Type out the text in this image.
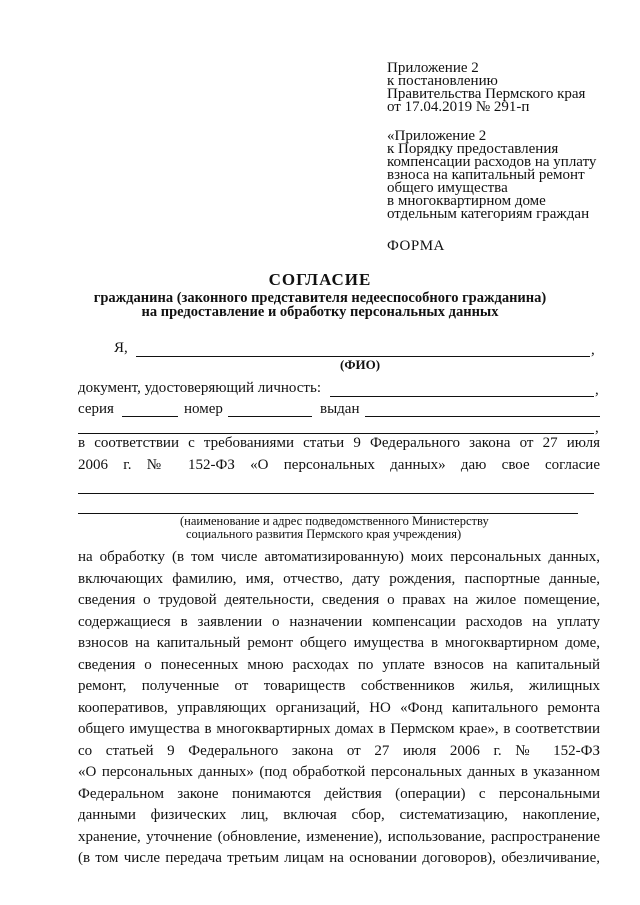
Приложение 2
к постановлению
Правительства Пермского края
от 17.04.2019 № 291-п
«Приложение 2
к Порядку предоставления
компенсации расходов на уплату
взноса на капитальный ремонт
общего имущества
в многоквартирном доме
отдельным категориям граждан
ФОРМА
СОГЛАСИЕ
гражданина (законного представителя недееспособного гражданина)
на предоставление и обработку персональных данных
Я,	,
(ФИО)
документ, удостоверяющий личность:	,
серия	номер	выдан
,
в соответствии с требованиями статьи 9 Федерального закона от 27 июля
2006 г. № 152-ФЗ «О персональных данных» даю свое согласие
(наименование и адрес подведомственного Министерству
социального развития Пермского края учреждения)
на обработку (в том числе автоматизированную) моих персональных данных,
включающих фамилию, имя, отчество, дату рождения, паспортные данные,
сведения о трудовой деятельности, сведения о правах на жилое помещение,
содержащиеся в заявлении о назначении компенсации расходов на уплату
взносов на капитальный ремонт общего имущества в многоквартирном доме,
сведения о понесенных мною расходах по уплате взносов на капитальный
ремонт, полученные от товариществ собственников жилья, жилищных
кооперативов, управляющих организаций, НО «Фонд капитального ремонта
общего имущества в многоквартирных домах в Пермском крае», в соответствии
со статьей 9 Федерального закона от 27 июля 2006 г. № 152-ФЗ
«О персональных данных» (под обработкой персональных данных в указанном
Федеральном законе понимаются действия (операции) с персональными
данными физических лиц, включая сбор, систематизацию, накопление,
хранение, уточнение (обновление, изменение), использование, распространение
(в том числе передача третьим лицам на основании договоров), обезличивание,
